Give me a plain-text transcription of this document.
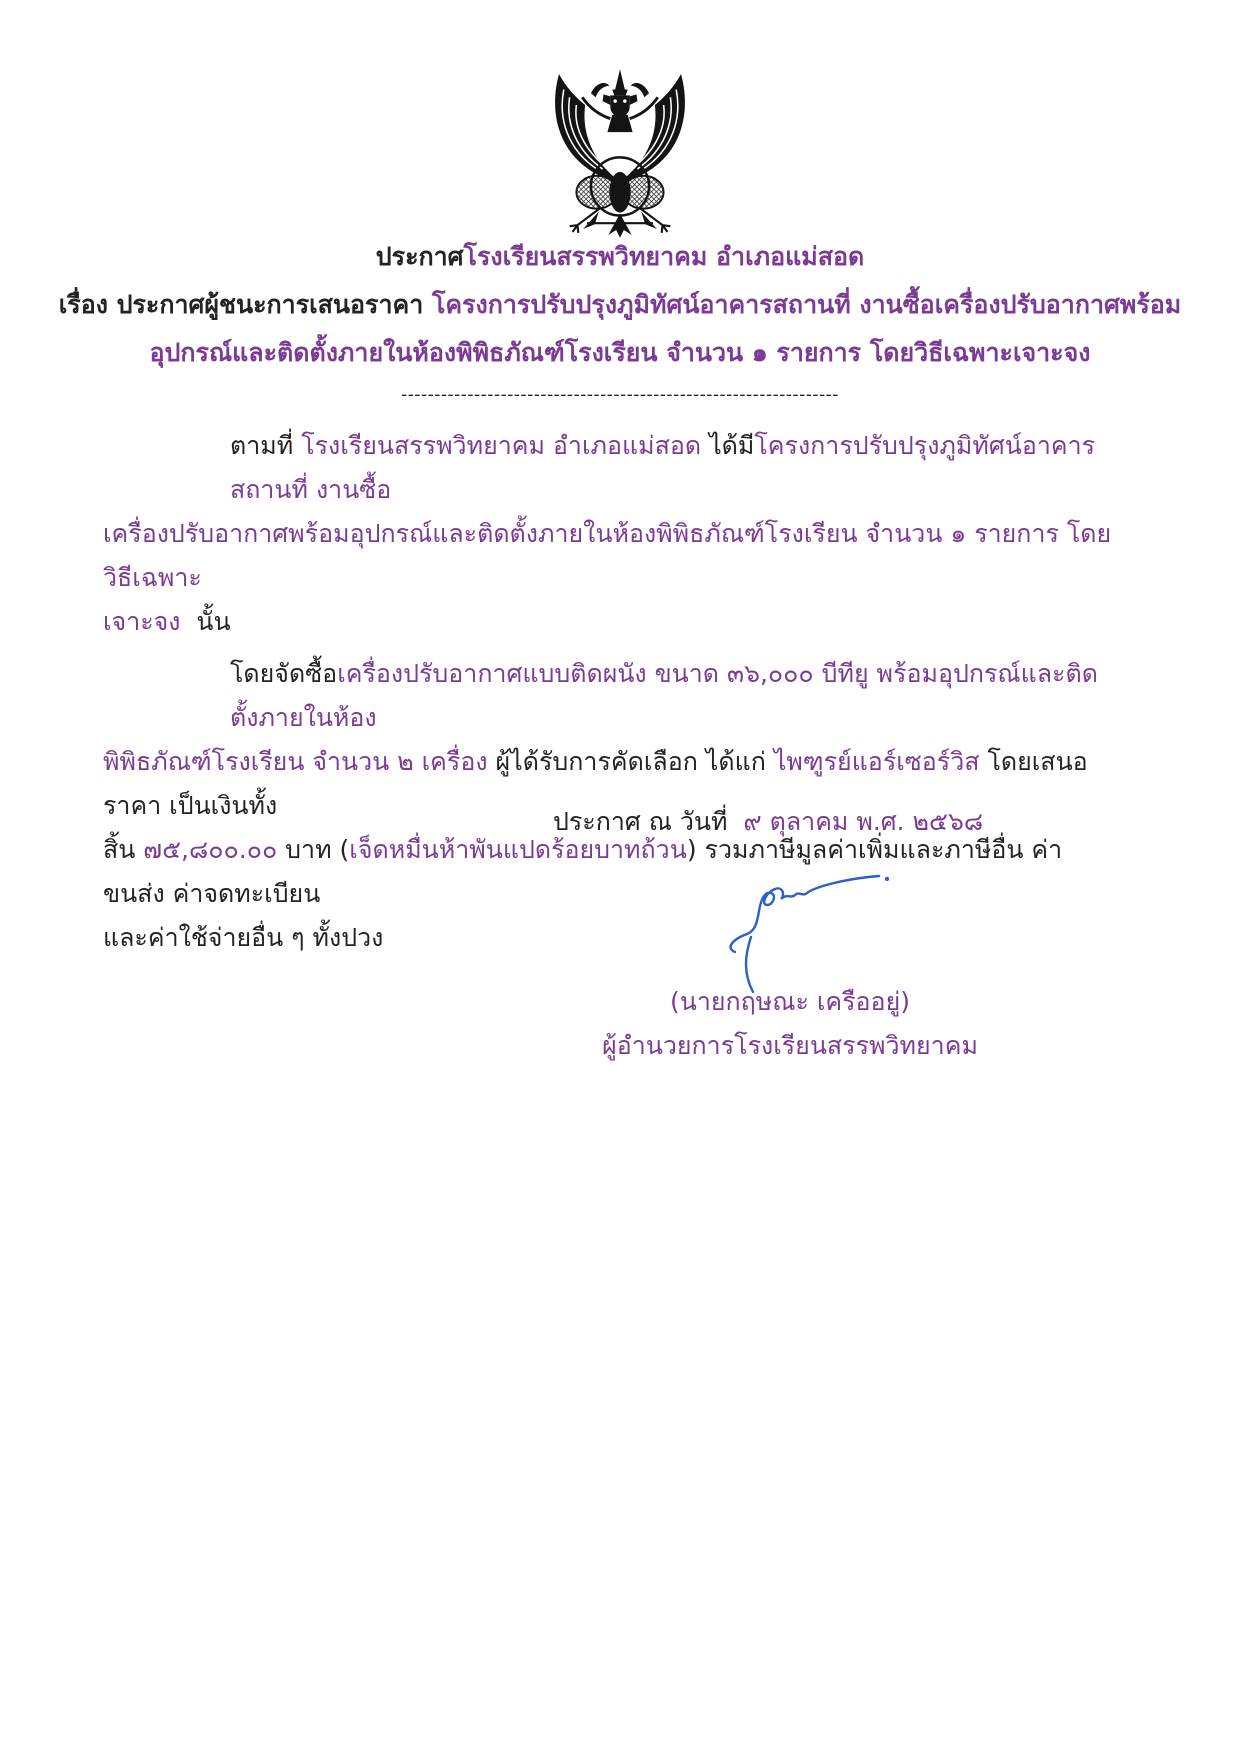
ประกาศโรงเรียนสรรพวิทยาคม อำเภอแม่สอด
เรื่อง ประกาศผู้ชนะการเสนอราคา โครงการปรับปรุงภูมิทัศน์อาคารสถานที่ งานซื้อเครื่องปรับอากาศพร้อม
อุปกรณ์และติดตั้งภายในห้องพิพิธภัณฑ์โรงเรียน จำนวน ๑ รายการ โดยวิธีเฉพาะเจาะจง
------------------------------------------------------------------
ตามที่ โรงเรียนสรรพวิทยาคม อำเภอแม่สอด ได้มีโครงการปรับปรุงภูมิทัศน์อาคารสถานที่ งานซื้อ
เครื่องปรับอากาศพร้อมอุปกรณ์และติดตั้งภายในห้องพิพิธภัณฑ์โรงเรียน จำนวน ๑ รายการ โดยวิธีเฉพาะ
เจาะจง  นั้น
โดยจัดซื้อเครื่องปรับอากาศแบบติดผนัง ขนาด ๓๖,๐๐๐ บีทียู พร้อมอุปกรณ์และติดตั้งภายในห้อง
พิพิธภัณฑ์โรงเรียน จำนวน ๒ เครื่อง ผู้ได้รับการคัดเลือก ได้แก่ ไพฑูรย์แอร์เซอร์วิส โดยเสนอราคา เป็นเงินทั้ง
สิ้น ๗๕,๘๐๐.๐๐ บาท (เจ็ดหมื่นห้าพันแปดร้อยบาทถ้วน) รวมภาษีมูลค่าเพิ่มและภาษีอื่น ค่าขนส่ง ค่าจดทะเบียน
และค่าใช้จ่ายอื่น ๆ ทั้งปวง
ประกาศ ณ วันที่  ๙ ตุลาคม พ.ศ. ๒๕๖๘
(นายกฤษณะ เครืออยู่)
ผู้อำนวยการโรงเรียนสรรพวิทยาคม
